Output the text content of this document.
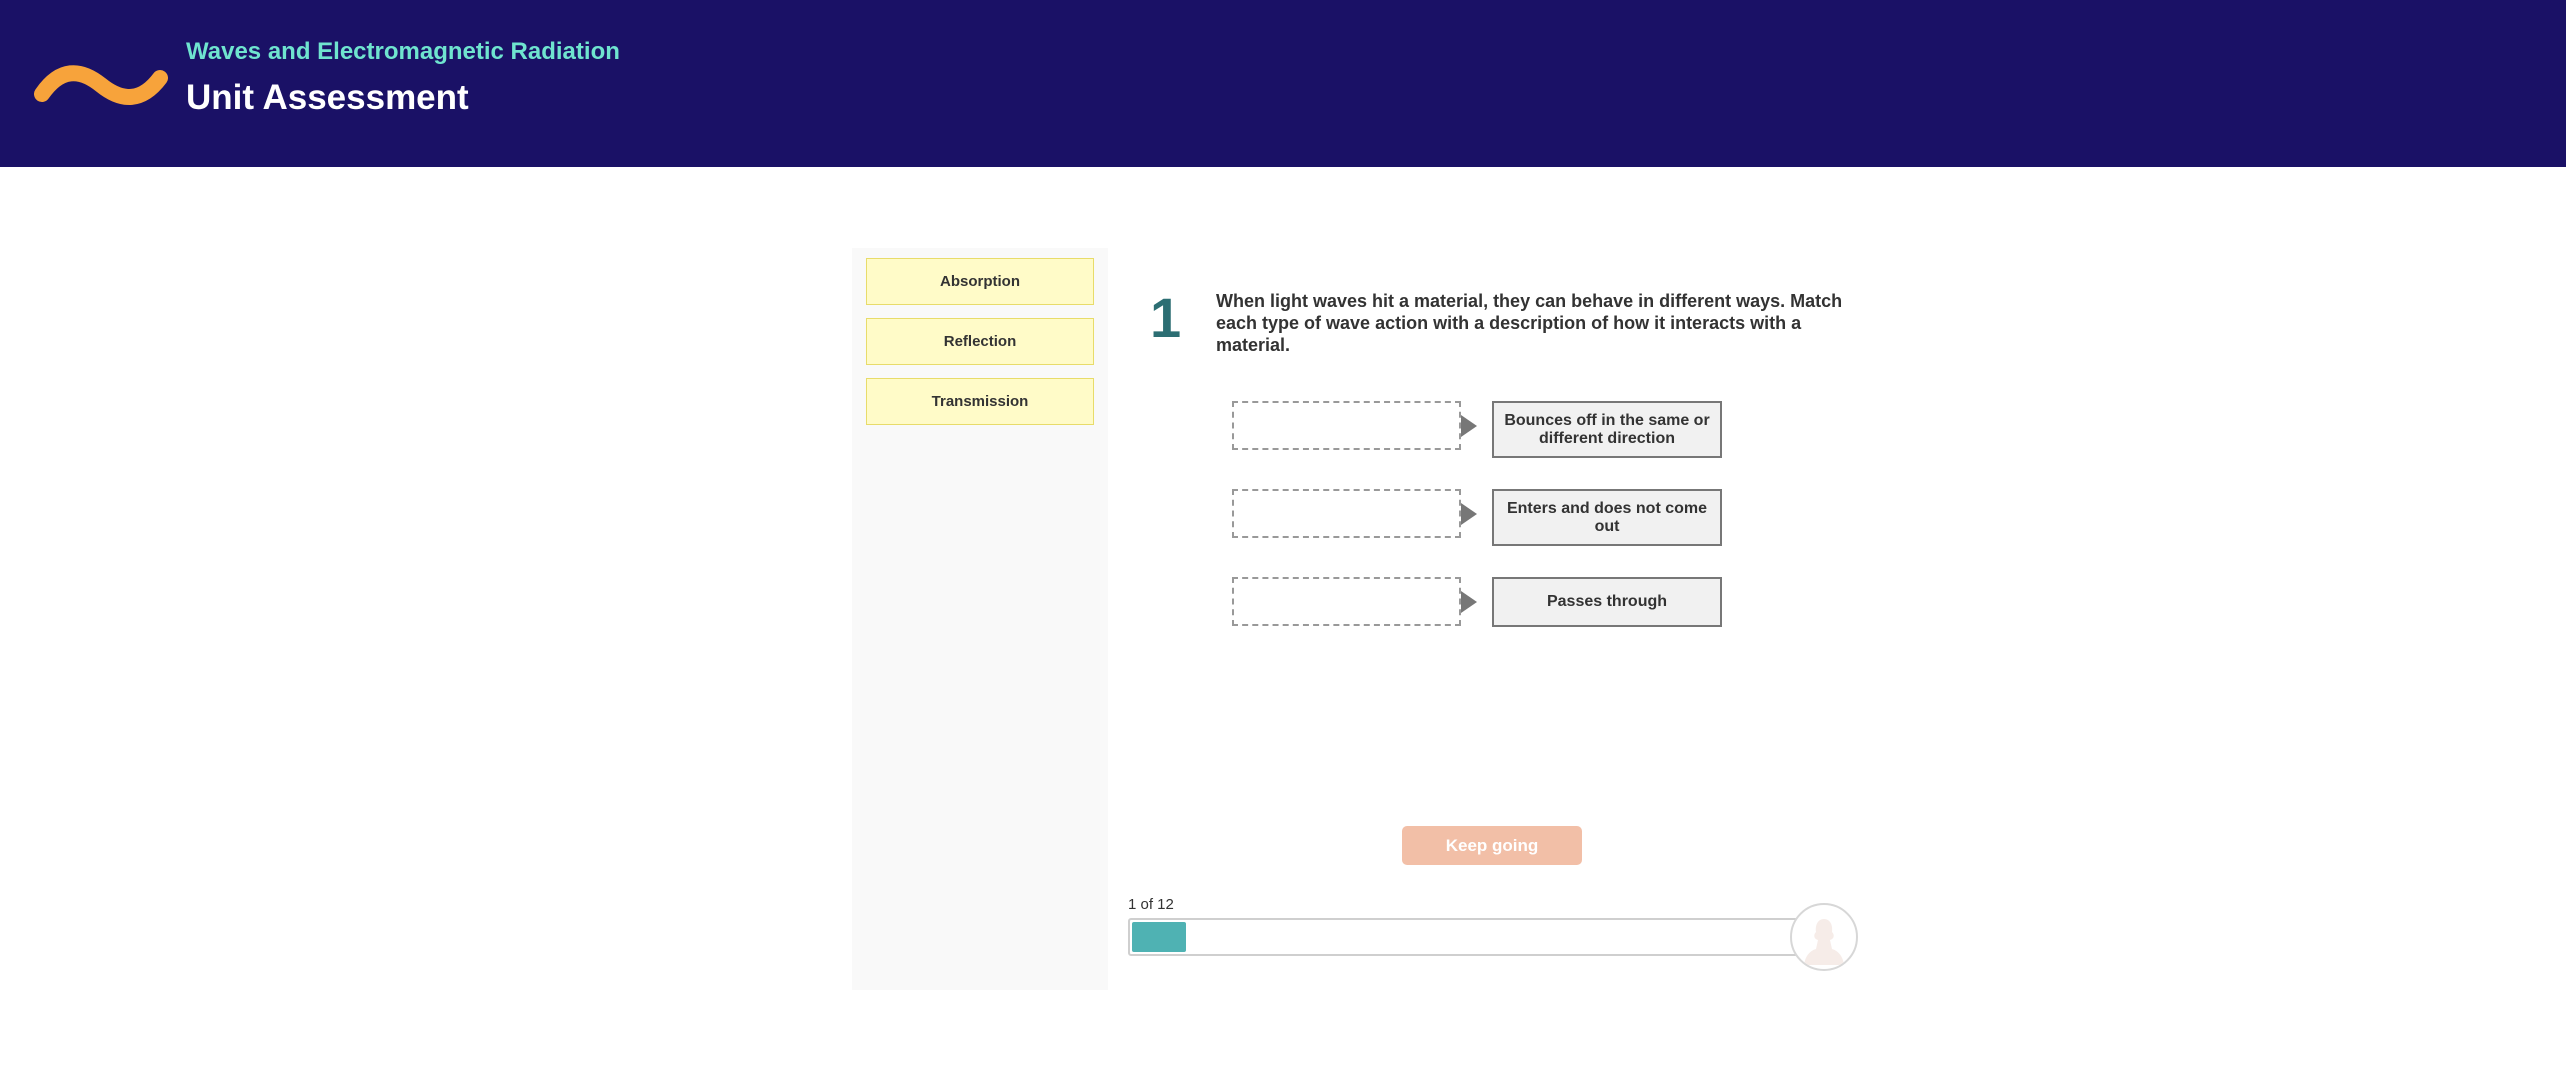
Waves and Electromagnetic Radiation
Unit Assessment
Absorption
Reflection
Transmission
1 When light waves hit a material, they can behave in different ways. Match each type of wave action with a description of how it interacts with a material.
Bounces off in the same or different direction
Enters and does not come out
Passes through
Keep going
1 of 12
